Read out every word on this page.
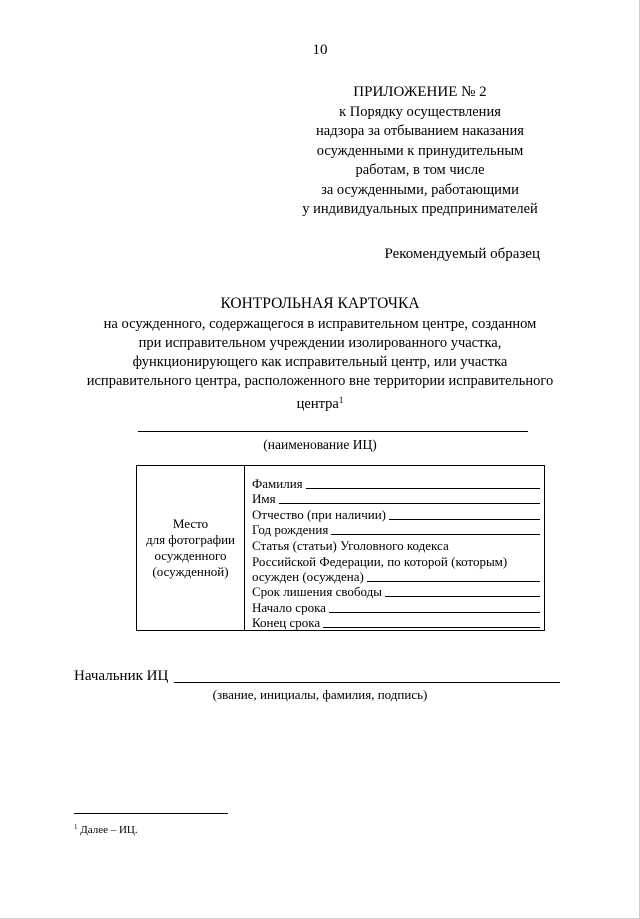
10
ПРИЛОЖЕНИЕ № 2
к Порядку осуществления
надзора за отбыванием наказания
осужденными к принудительным
работам, в том числе
за осужденными, работающими
у индивидуальных предпринимателей
Рекомендуемый образец
КОНТРОЛЬНАЯ КАРТОЧКА
на осужденного, содержащегося в исправительном центре, созданном
при исправительном учреждении изолированного участка,
функционирующего как исправительный центр, или участка
исправительного центра, расположенного вне территории исправительного
центра$^1$
(наименование ИЦ)
Место
для фотографии
осужденного
(осужденной)
Фамилия
Имя
Отчество (при наличии)
Год рождения
Статья (статьи) Уголовного кодекса
Российской Федерации, по которой (которым)
осужден (осуждена)
Срок лишения свободы
Начало срока
Конец срока
Начальник ИЦ
(звание, инициалы, фамилия, подпись)
$^1$ Далее – ИЦ.
